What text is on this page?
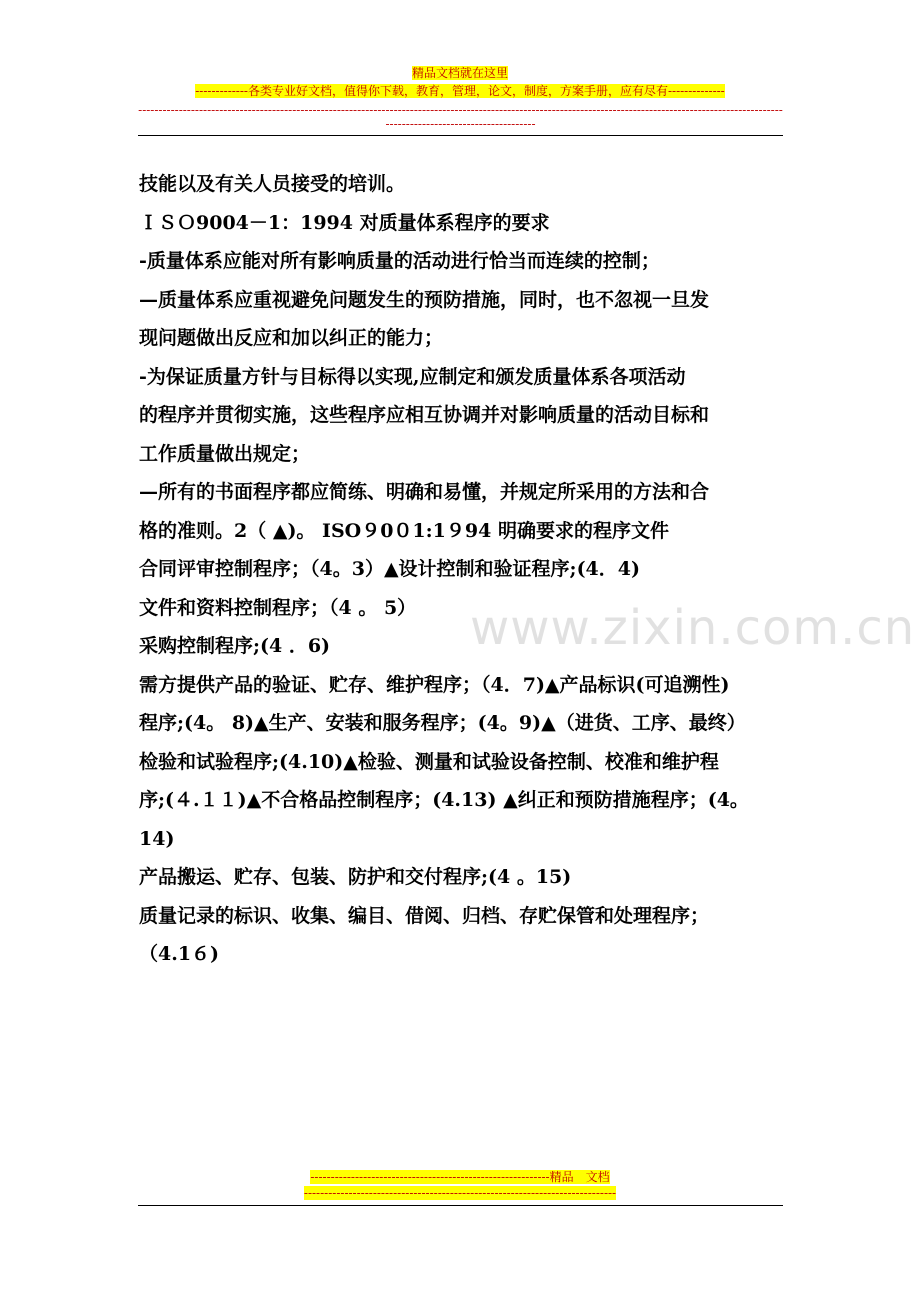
精品文档就在这里
-------------各类专业好文档，值得你下载，教育，管理，论文，制度，方案手册，应有尽有--------------
----------------------------------------------------------------------------------------------------------------------------------------------------------------------------------------------------
www.zixin.com.cn

技能以及有关人员接受的培训。

ＩＳＯ9004－1：1994 对质量体系程序的要求

-质量体系应能对所有影响质量的活动进行恰当而连续的控制；

—质量体系应重视避免问题发生的预防措施，同时，也不忽视一旦发

现问题做出反应和加以纠正的能力；

-为保证质量方针与目标得以实现,应制定和颁发质量体系各项活动

的程序并贯彻实施，这些程序应相互协调并对影响质量的活动目标和

工作质量做出规定；

—所有的书面程序都应简练、明确和易懂，并规定所采用的方法和合

格的准则。2（ ▲)。 ISO９0０1:1９94 明确要求的程序文件

合同评审控制程序；（4。3）▲设计控制和验证程序;(4．4)

文件和资料控制程序；（4 。 5）

采购控制程序;(4 ．6)

需方提供产品的验证、贮存、维护程序；（4．7)▲产品标识(可追溯性)

程序;(4。 8)▲生产、安装和服务程序；(4。9)▲（进货、工序、最终）

检验和试验程序;(4.10)▲检验、测量和试验设备控制、校准和维护程

序;(４.１１)▲不合格品控制程序；(4.13) ▲纠正和预防措施程序；(4。

14)

产品搬运、贮存、包装、防护和交付程序;(4 。15)

质量记录的标识、收集、编目、借阅、归档、存贮保管和处理程序；

（4.1６)

-----------------------------------------------------------精品　文档
-----------------------------------------------------------------------------
